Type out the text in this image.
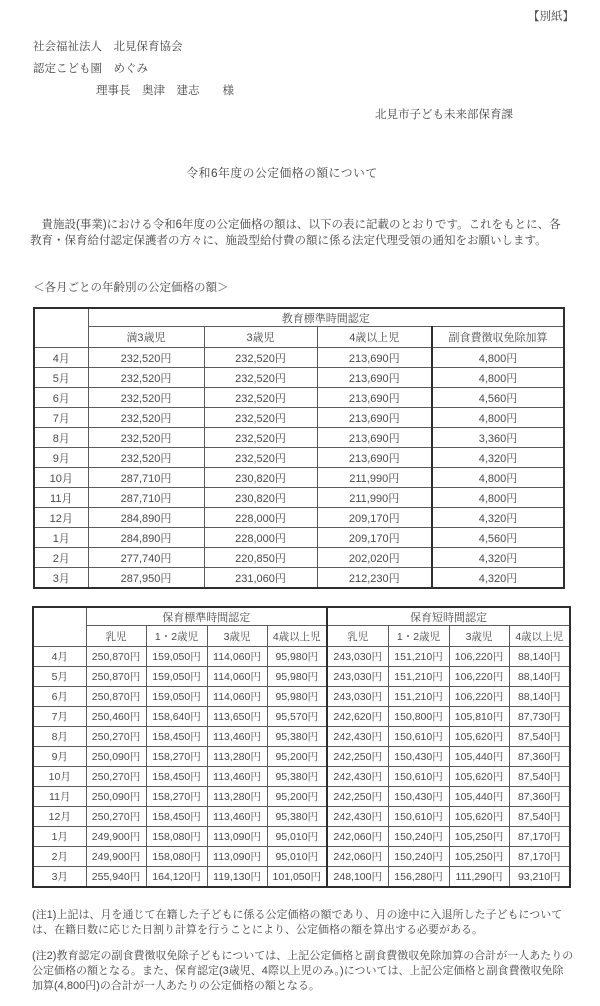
【別紙】
社会福祉法人　北見保育協会
認定こども園　めぐみ
理事長　奥津　建志　　様
北見市子ども未来部保育課
令和6年度の公定価格の額について

　貴施設(事業)における令和6年度の公定価格の額は、以下の表に記載のとおりです。これをもとに、各教育・保育給付認定保護者の方々に、施設型給付費の額に係る法定代理受領の通知をお願いします。

＜各月ごとの年齢別の公定価格の額＞
	教育標準時間認定			
	満3歳児	3歳児	4歳以上児	副食費徴収免除加算
4月	232,520円	232,520円	213,690円	4,800円
5月	232,520円	232,520円	213,690円	4,800円
6月	232,520円	232,520円	213,690円	4,560円
7月	232,520円	232,520円	213,690円	4,800円
8月	232,520円	232,520円	213,690円	3,360円
9月	232,520円	232,520円	213,690円	4,320円
10月	287,710円	230,820円	211,990円	4,800円
11月	287,710円	230,820円	211,990円	4,800円
12月	284,890円	228,000円	209,170円	4,320円
1月	284,890円	228,000円	209,170円	4,560円
2月	277,740円	220,850円	202,020円	4,320円
3月	287,950円	231,060円	212,230円	4,320円
	保育標準時間認定				保育短時間認定			
	乳児	1・2歳児	3歳児	4歳以上児	乳児	1・2歳児	3歳児	4歳以上児
4月	250,870円	159,050円	114,060円	95,980円	243,030円	151,210円	106,220円	88,140円
5月	250,870円	159,050円	114,060円	95,980円	243,030円	151,210円	106,220円	88,140円
6月	250,870円	159,050円	114,060円	95,980円	243,030円	151,210円	106,220円	88,140円
7月	250,460円	158,640円	113,650円	95,570円	242,620円	150,800円	105,810円	87,730円
8月	250,270円	158,450円	113,460円	95,380円	242,430円	150,610円	105,620円	87,540円
9月	250,090円	158,270円	113,280円	95,200円	242,250円	150,430円	105,440円	87,360円
10月	250,270円	158,450円	113,460円	95,380円	242,430円	150,610円	105,620円	87,540円
11月	250,090円	158,270円	113,280円	95,200円	242,250円	150,430円	105,440円	87,360円
12月	250,270円	158,450円	113,460円	95,380円	242,430円	150,610円	105,620円	87,540円
1月	249,900円	158,080円	113,090円	95,010円	242,060円	150,240円	105,250円	87,170円
2月	249,900円	158,080円	113,090円	95,010円	242,060円	150,240円	105,250円	87,170円
3月	255,940円	164,120円	119,130円	101,050円	248,100円	156,280円	111,290円	93,210円

(注1)上記は、月を通じて在籍した子どもに係る公定価格の額であり、月の途中に入退所した子どもについては、在籍日数に応じた日割り計算を行うことにより、公定価格の額を算出する必要がある。

(注2)教育認定の副食費徴収免除子どもについては、上記公定価格と副食費徴収免除加算の合計が一人あたりの公定価格の額となる。また、保育認定(3歳児、4際以上児のみ。)については、上記公定価格と副食費徴収免除加算(4,800円)の合計が一人あたりの公定価格の額となる。
